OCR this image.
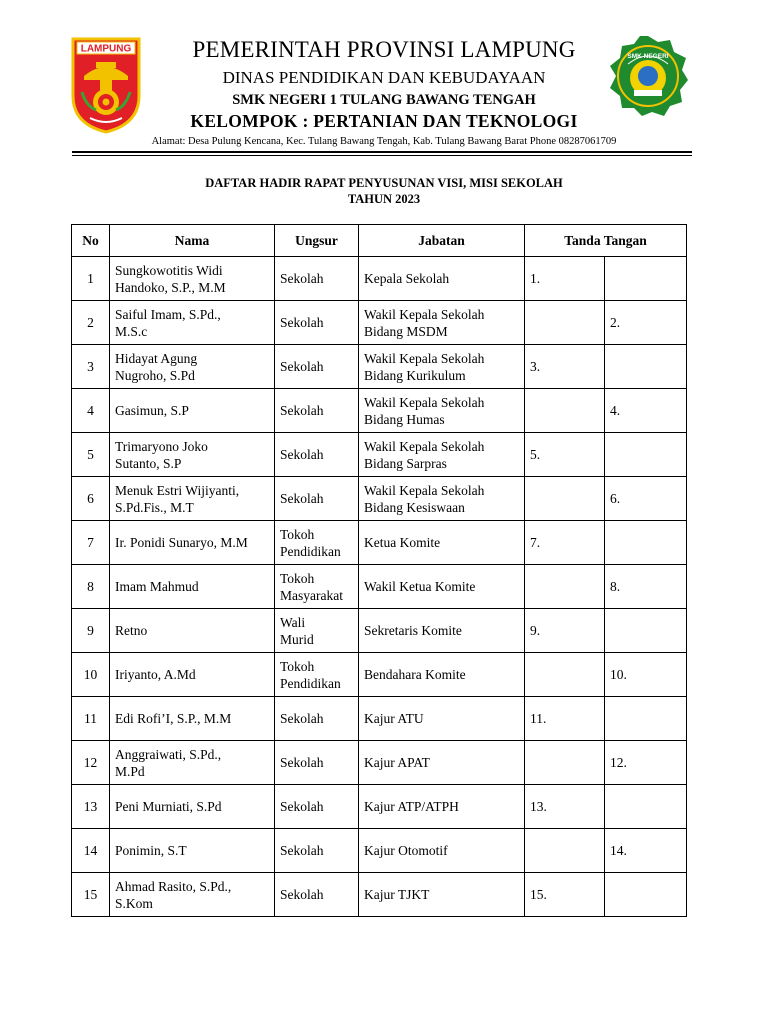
LAMPUNG
SMK NEGERI
PEMERINTAH PROVINSI LAMPUNG
DINAS PENDIDIKAN DAN KEBUDAYAAN
SMK NEGERI 1 TULANG BAWANG TENGAH
KELOMPOK : PERTANIAN DAN TEKNOLOGI
Alamat: Desa Pulung Kencana, Kec. Tulang Bawang Tengah, Kab. Tulang Bawang Barat Phone 08287061709
DAFTAR HADIR RAPAT PENYUSUNAN VISI, MISI SEKOLAH
TAHUN 2023
No	Nama	Ungsur	Jabatan	Tanda Tangan	
1	Sungkowotitis Widi
Handoko, S.P., M.M	Sekolah	Kepala Sekolah	1.	
2	Saiful Imam, S.Pd.,
M.S.c	Sekolah	Wakil Kepala Sekolah
Bidang MSDM		2.
3	Hidayat Agung
Nugroho, S.Pd	Sekolah	Wakil Kepala Sekolah
Bidang Kurikulum	3.	
4	Gasimun, S.P	Sekolah	Wakil Kepala Sekolah
Bidang Humas		4.
5	Trimaryono Joko
Sutanto, S.P	Sekolah	Wakil Kepala Sekolah
Bidang Sarpras	5.	
6	Menuk Estri Wijiyanti,
S.Pd.Fis., M.T	Sekolah	Wakil Kepala Sekolah
Bidang Kesiswaan		6.
7	Ir. Ponidi Sunaryo, M.M	Tokoh
Pendidikan	Ketua Komite	7.	
8	Imam Mahmud	Tokoh
Masyarakat	Wakil Ketua Komite		8.
9	Retno	Wali
Murid	Sekretaris Komite	9.	
10	Iriyanto, A.Md	Tokoh
Pendidikan	Bendahara Komite		10.
11	Edi Rofi’I, S.P., M.M	Sekolah	Kajur ATU	11.	
12	Anggraiwati, S.Pd.,
M.Pd	Sekolah	Kajur APAT		12.
13	Peni Murniati, S.Pd	Sekolah	Kajur ATP/ATPH	13.	
14	Ponimin, S.T	Sekolah	Kajur Otomotif		14.
15	Ahmad Rasito, S.Pd.,
S.Kom	Sekolah	Kajur TJKT	15.	
